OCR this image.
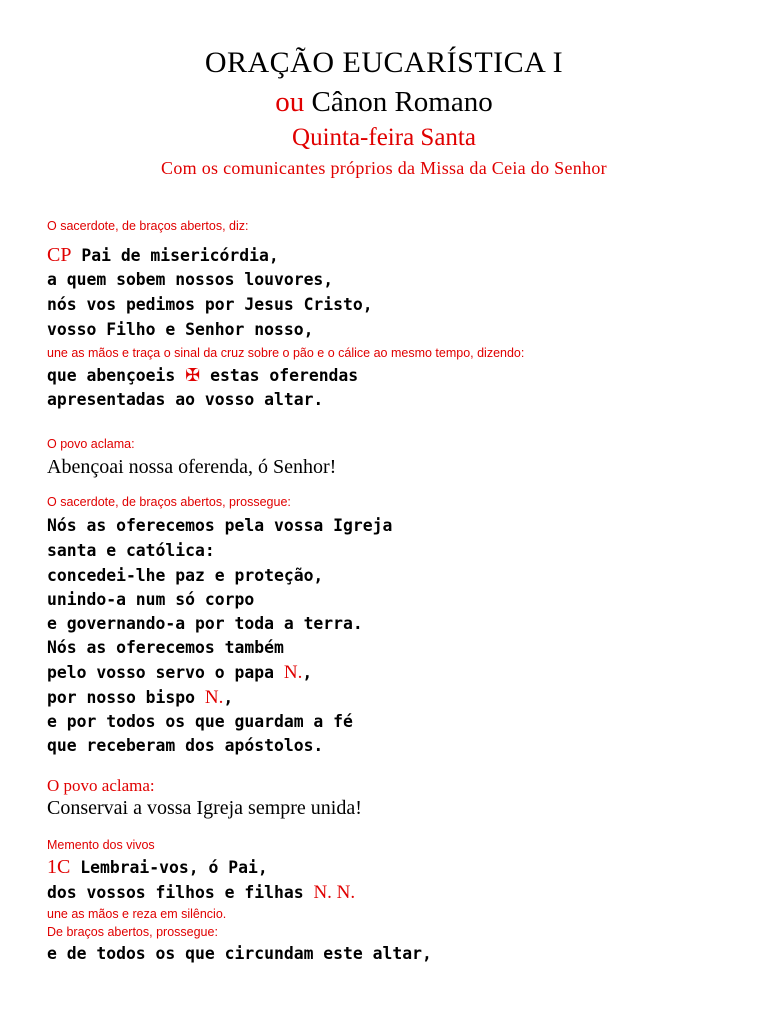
ORAÇÃO EUCARÍSTICA I
ou Cânon Romano
Quinta-feira Santa
Com os comunicantes próprios da Missa da Ceia do Senhor
O sacerdote, de braços abertos, diz:
CP Pai de misericórdia,
a quem sobem nossos louvores,
nós vos pedimos por Jesus Cristo,
vosso Filho e Senhor nosso,
une as mãos e traça o sinal da cruz sobre o pão e o cálice ao mesmo tempo, dizendo:
que abençoeis ✠ estas oferendas
apresentadas ao vosso altar.
O povo aclama:
Abençoai nossa oferenda, ó Senhor!
O sacerdote, de braços abertos, prossegue:
Nós as oferecemos pela vossa Igreja
santa e católica:
concedei-lhe paz e proteção,
unindo-a num só corpo
e governando-a por toda a terra.
Nós as oferecemos também
pelo vosso servo o papa N.,
por nosso bispo N.,
e por todos os que guardam a fé
que receberam dos apóstolos.
O povo aclama:
Conservai a vossa Igreja sempre unida!
Memento dos vivos
1C Lembrai-vos, ó Pai,
dos vossos filhos e filhas N. N.
une as mãos e reza em silêncio.
De braços abertos, prossegue:
e de todos os que circundam este altar,
